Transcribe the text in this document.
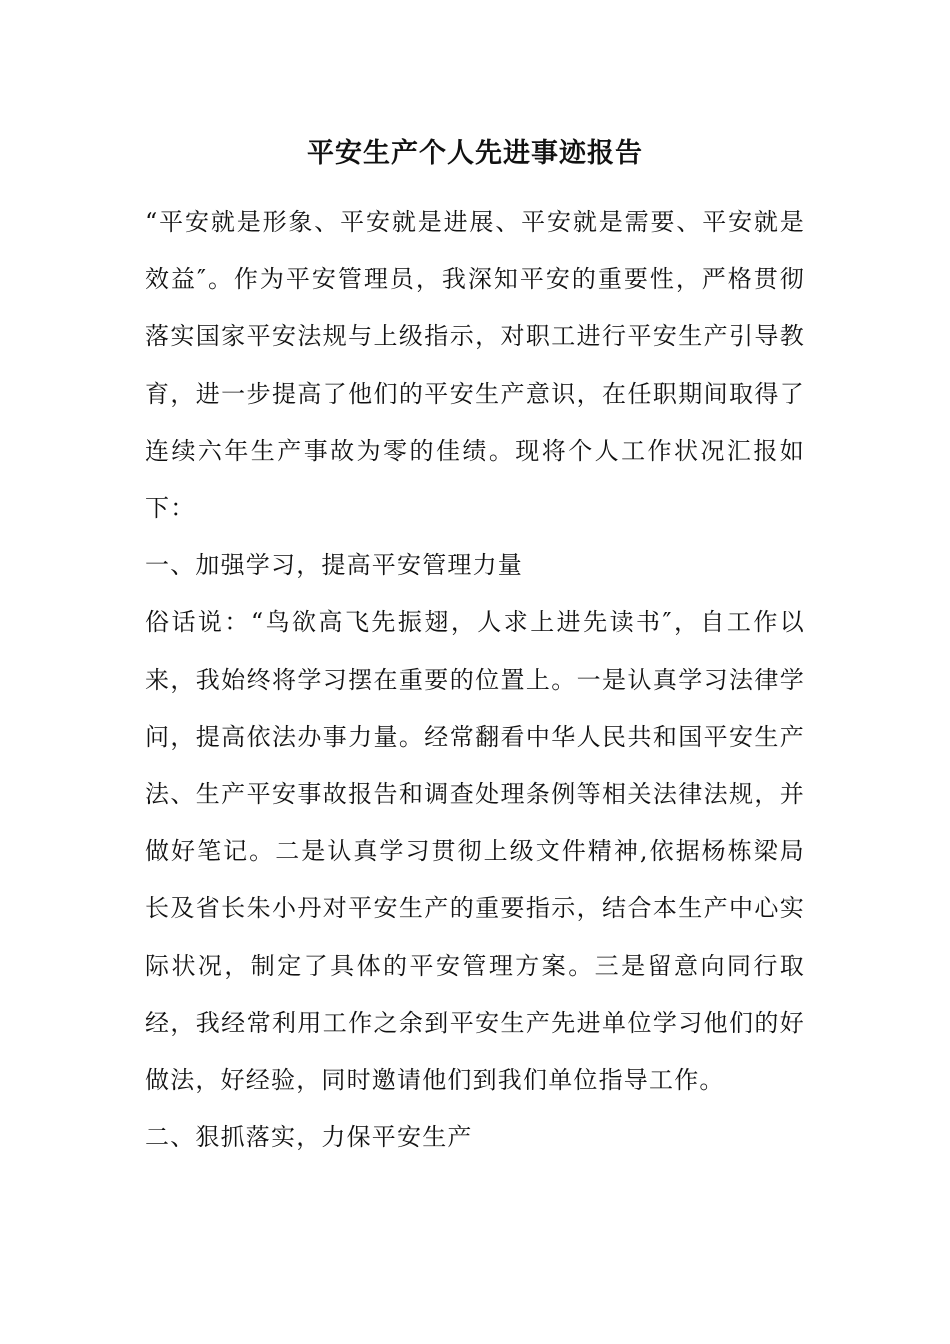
平安生产个人先进事迹报告

“平安就是形象、平安就是进展、平安就是需要、平安就是效益″。作为平安管理员，我深知平安的重要性，严格贯彻落实国家平安法规与上级指示，对职工进行平安生产引导教育，进一步提高了他们的平安生产意识，在任职期间取得了连续六年生产事故为零的佳绩。现将个人工作状况汇报如下：

一、加强学习，提高平安管理力量

俗话说：“鸟欲高飞先振翅，人求上进先读书″，自工作以来，我始终将学习摆在重要的位置上。一是认真学习法律学问，提高依法办事力量。经常翻看中华人民共和国平安生产法、生产平安事故报告和调查处理条例等相关法律法规，并做好笔记。二是认真学习贯彻上级文件精神,依据杨栋梁局长及省长朱小丹对平安生产的重要指示，结合本生产中心实际状况，制定了具体的平安管理方案。三是留意向同行取经，我经常利用工作之余到平安生产先进单位学习他们的好做法，好经验，同时邀请他们到我们单位指导工作。

二、狠抓落实，力保平安生产
